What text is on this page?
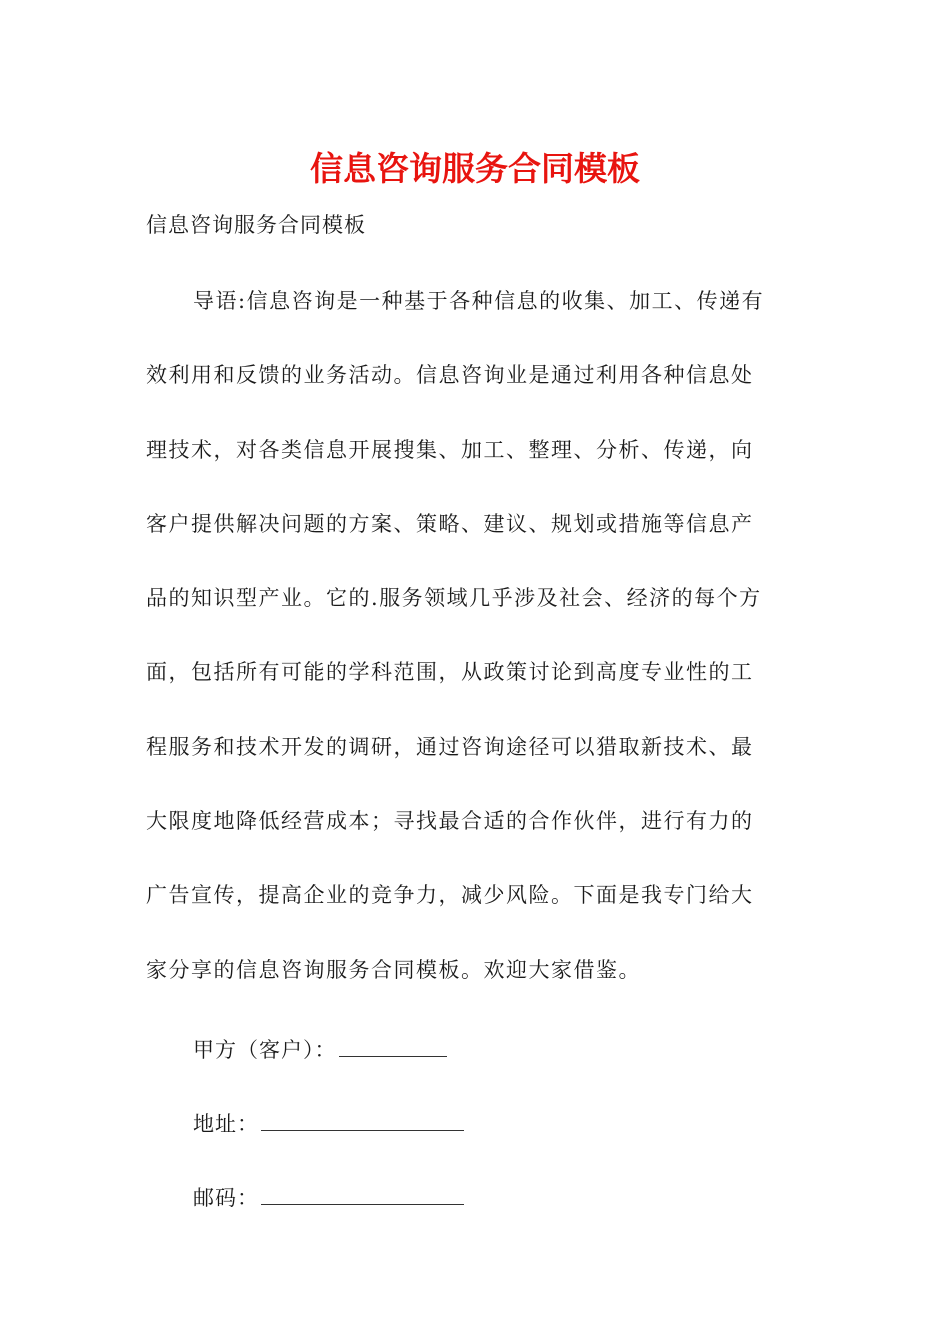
信息咨询服务合同模板

信息咨询服务合同模板

导语:信息咨询是一种基于各种信息的收集、加工、传递有
效利用和反馈的业务活动。信息咨询业是通过利用各种信息处
理技术，对各类信息开展搜集、加工、整理、分析、传递，向
客户提供解决问题的方案、策略、建议、规划或措施等信息产
品的知识型产业。它的.服务领域几乎涉及社会、经济的每个方
面，包括所有可能的学科范围，从政策讨论到高度专业性的工
程服务和技术开发的调研，通过咨询途径可以猎取新技术、最
大限度地降低经营成本；寻找最合适的合作伙伴，进行有力的
广告宣传，提高企业的竞争力，减少风险。下面是我专门给大
家分享的信息咨询服务合同模板。欢迎大家借鉴。
甲方（客户）：
地址：
邮码：
